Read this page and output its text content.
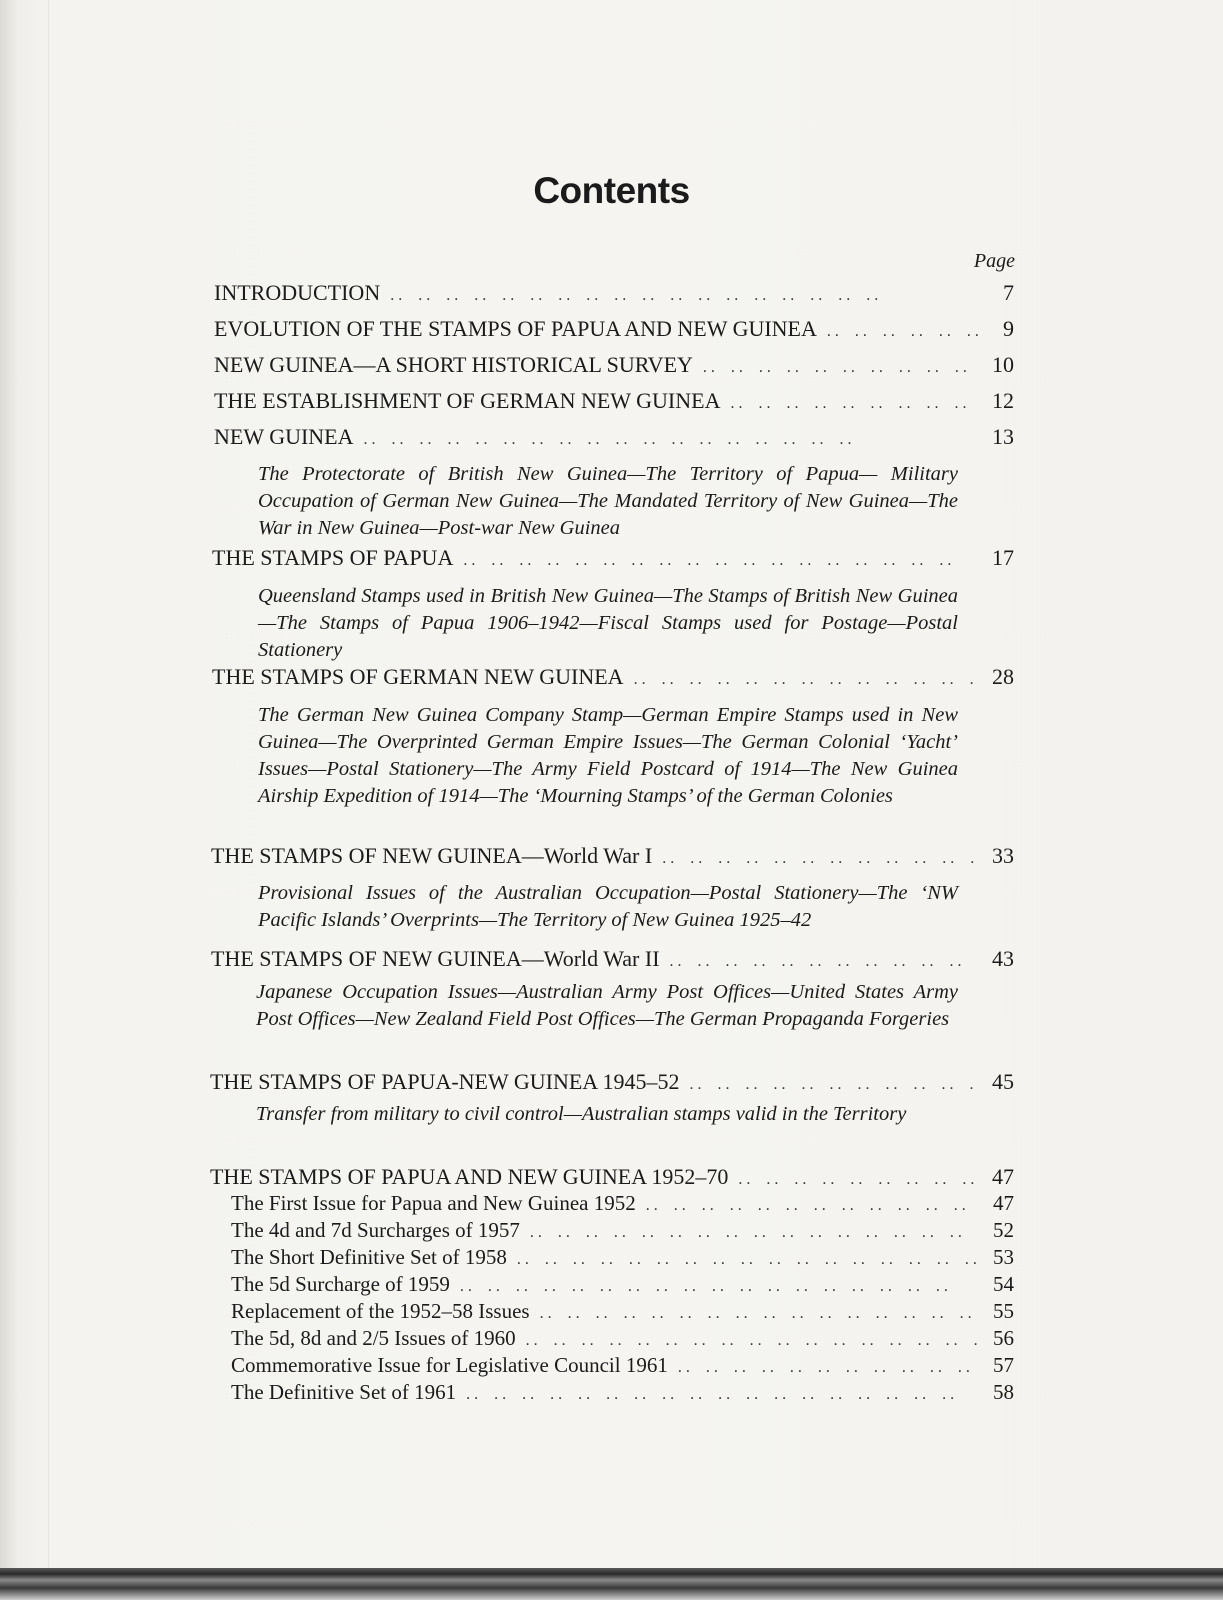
Contents
Page
INTRODUCTION . .	7
EVOLUTION OF THE STAMPS OF PAPUA AND NEW GUINEA . .	9
NEW GUINEA—A SHORT HISTORICAL SURVEY . .	10
THE ESTABLISHMENT OF GERMAN NEW GUINEA . .	12
NEW GUINEA . .	13
The Protectorate of British New Guinea—The Territory of Papua— Military Occupation of German New Guinea—The Mandated Territory of New Guinea—The War in New Guinea—Post-war New Guinea
THE STAMPS OF PAPUA . .	17
Queensland Stamps used in British New Guinea—The Stamps of British New Guinea—The Stamps of Papua 1906–1942—Fiscal Stamps used for Postage—Postal Stationery
THE STAMPS OF GERMAN NEW GUINEA . .	28
The German New Guinea Company Stamp—German Empire Stamps used in New Guinea—The Overprinted German Empire Issues—The German Colonial ‘Yacht’ Issues—Postal Stationery—The Army Field Postcard of 1914—The New Guinea Airship Expedition of 1914—The ‘Mourning Stamps’ of the German Colonies
THE STAMPS OF NEW GUINEA—World War I . .	33
Provisional Issues of the Australian Occupation—Postal Stationery—The ‘NW Pacific Islands’ Overprints—The Territory of New Guinea 1925–42
THE STAMPS OF NEW GUINEA—World War II . .	43
Japanese Occupation Issues—Australian Army Post Offices—United States Army Post Offices—New Zealand Field Post Offices—The German Propaganda Forgeries
THE STAMPS OF PAPUA-NEW GUINEA 1945–52 . .	45
Transfer from military to civil control—Australian stamps valid in the Territory
THE STAMPS OF PAPUA AND NEW GUINEA 1952–70 . .	47
The First Issue for Papua and New Guinea 1952 . .	47
The 4d and 7d Surcharges of 1957 . .	52
The Short Definitive Set of 1958 . .	53
The 5d Surcharge of 1959 . .	54
Replacement of the 1952–58 Issues . .	55
The 5d, 8d and 2/5 Issues of 1960 . .	56
Commemorative Issue for Legislative Council 1961 . .	57
The Definitive Set of 1961 . .	58
